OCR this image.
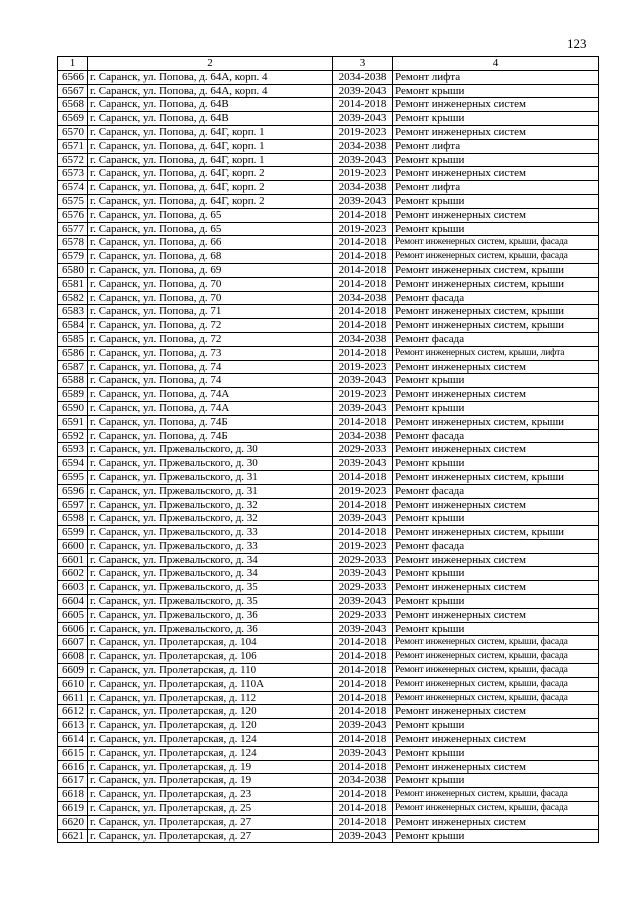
123
1	2	3	4
6566	г. Саранск, ул. Попова, д. 64А, корп. 4	2034-2038	Ремонт лифта
6567	г. Саранск, ул. Попова, д. 64А, корп. 4	2039-2043	Ремонт крыши
6568	г. Саранск, ул. Попова, д. 64В	2014-2018	Ремонт инженерных систем
6569	г. Саранск, ул. Попова, д. 64В	2039-2043	Ремонт крыши
6570	г. Саранск, ул. Попова, д. 64Г, корп. 1	2019-2023	Ремонт инженерных систем
6571	г. Саранск, ул. Попова, д. 64Г, корп. 1	2034-2038	Ремонт лифта
6572	г. Саранск, ул. Попова, д. 64Г, корп. 1	2039-2043	Ремонт крыши
6573	г. Саранск, ул. Попова, д. 64Г, корп. 2	2019-2023	Ремонт инженерных систем
6574	г. Саранск, ул. Попова, д. 64Г, корп. 2	2034-2038	Ремонт лифта
6575	г. Саранск, ул. Попова, д. 64Г, корп. 2	2039-2043	Ремонт крыши
6576	г. Саранск, ул. Попова, д. 65	2014-2018	Ремонт инженерных систем
6577	г. Саранск, ул. Попова, д. 65	2019-2023	Ремонт крыши
6578	г. Саранск, ул. Попова, д. 66	2014-2018	Ремонт инженерных систем, крыши, фасада
6579	г. Саранск, ул. Попова, д. 68	2014-2018	Ремонт инженерных систем, крыши, фасада
6580	г. Саранск, ул. Попова, д. 69	2014-2018	Ремонт инженерных систем, крыши
6581	г. Саранск, ул. Попова, д. 70	2014-2018	Ремонт инженерных систем, крыши
6582	г. Саранск, ул. Попова, д. 70	2034-2038	Ремонт фасада
6583	г. Саранск, ул. Попова, д. 71	2014-2018	Ремонт инженерных систем, крыши
6584	г. Саранск, ул. Попова, д. 72	2014-2018	Ремонт инженерных систем, крыши
6585	г. Саранск, ул. Попова, д. 72	2034-2038	Ремонт фасада
6586	г. Саранск, ул. Попова, д. 73	2014-2018	Ремонт инженерных систем, крыши, лифта
6587	г. Саранск, ул. Попова, д. 74	2019-2023	Ремонт инженерных систем
6588	г. Саранск, ул. Попова, д. 74	2039-2043	Ремонт крыши
6589	г. Саранск, ул. Попова, д. 74А	2019-2023	Ремонт инженерных систем
6590	г. Саранск, ул. Попова, д. 74А	2039-2043	Ремонт крыши
6591	г. Саранск, ул. Попова, д. 74Б	2014-2018	Ремонт инженерных систем, крыши
6592	г. Саранск, ул. Попова, д. 74Б	2034-2038	Ремонт фасада
6593	г. Саранск, ул. Пржевальского, д. 30	2029-2033	Ремонт инженерных систем
6594	г. Саранск, ул. Пржевальского, д. 30	2039-2043	Ремонт крыши
6595	г. Саранск, ул. Пржевальского, д. 31	2014-2018	Ремонт инженерных систем, крыши
6596	г. Саранск, ул. Пржевальского, д. 31	2019-2023	Ремонт фасада
6597	г. Саранск, ул. Пржевальского, д. 32	2014-2018	Ремонт инженерных систем
6598	г. Саранск, ул. Пржевальского, д. 32	2039-2043	Ремонт крыши
6599	г. Саранск, ул. Пржевальского, д. 33	2014-2018	Ремонт инженерных систем, крыши
6600	г. Саранск, ул. Пржевальского, д. 33	2019-2023	Ремонт фасада
6601	г. Саранск, ул. Пржевальского, д. 34	2029-2033	Ремонт инженерных систем
6602	г. Саранск, ул. Пржевальского, д. 34	2039-2043	Ремонт крыши
6603	г. Саранск, ул. Пржевальского, д. 35	2029-2033	Ремонт инженерных систем
6604	г. Саранск, ул. Пржевальского, д. 35	2039-2043	Ремонт крыши
6605	г. Саранск, ул. Пржевальского, д. 36	2029-2033	Ремонт инженерных систем
6606	г. Саранск, ул. Пржевальского, д. 36	2039-2043	Ремонт крыши
6607	г. Саранск, ул. Пролетарская, д. 104	2014-2018	Ремонт инженерных систем, крыши, фасада
6608	г. Саранск, ул. Пролетарская, д. 106	2014-2018	Ремонт инженерных систем, крыши, фасада
6609	г. Саранск, ул. Пролетарская, д. 110	2014-2018	Ремонт инженерных систем, крыши, фасада
6610	г. Саранск, ул. Пролетарская, д. 110А	2014-2018	Ремонт инженерных систем, крыши, фасада
6611	г. Саранск, ул. Пролетарская, д. 112	2014-2018	Ремонт инженерных систем, крыши, фасада
6612	г. Саранск, ул. Пролетарская, д. 120	2014-2018	Ремонт инженерных систем
6613	г. Саранск, ул. Пролетарская, д. 120	2039-2043	Ремонт крыши
6614	г. Саранск, ул. Пролетарская, д. 124	2014-2018	Ремонт инженерных систем
6615	г. Саранск, ул. Пролетарская, д. 124	2039-2043	Ремонт крыши
6616	г. Саранск, ул. Пролетарская, д. 19	2014-2018	Ремонт инженерных систем
6617	г. Саранск, ул. Пролетарская, д. 19	2034-2038	Ремонт крыши
6618	г. Саранск, ул. Пролетарская, д. 23	2014-2018	Ремонт инженерных систем, крыши, фасада
6619	г. Саранск, ул. Пролетарская, д. 25	2014-2018	Ремонт инженерных систем, крыши, фасада
6620	г. Саранск, ул. Пролетарская, д. 27	2014-2018	Ремонт инженерных систем
6621	г. Саранск, ул. Пролетарская, д. 27	2039-2043	Ремонт крыши
